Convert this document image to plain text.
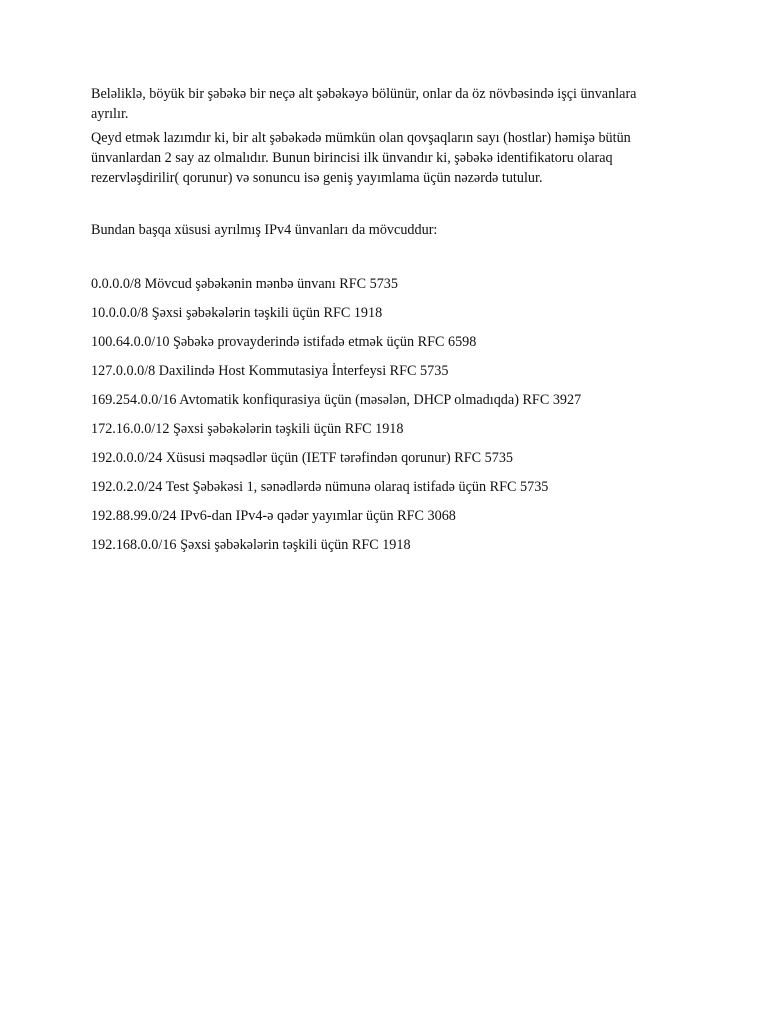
Beləliklə, böyük bir şəbəkə bir neçə alt şəbəkəyə bölünür, onlar da öz növbəsində işçi ünvanlara ayrılır.

Qeyd etmək lazımdır ki, bir alt şəbəkədə mümkün olan qovşaqların sayı (hostlar) həmişə bütün ünvanlardan 2 say az olmalıdır. Bunun birincisi ilk ünvandır ki, şəbəkə identifikatoru olaraq rezervləşdirilir( qorunur) və sonuncu isə geniş yayımlama üçün nəzərdə tutulur.

Bundan başqa xüsusi ayrılmış IPv4 ünvanları da mövcuddur:

0.0.0.0/8 Mövcud şəbəkənin mənbə ünvanı RFC 5735
10.0.0.0/8 Şəxsi şəbəkələrin təşkili üçün RFC 1918
100.64.0.0/10 Şəbəkə provayderində istifadə etmək üçün RFC 6598
127.0.0.0/8 Daxilində Host Kommutasiya İnterfeysi RFC 5735
169.254.0.0/16 Avtomatik konfiqurasiya üçün (məsələn, DHCP olmadıqda) RFC 3927
172.16.0.0/12 Şəxsi şəbəkələrin təşkili üçün RFC 1918
192.0.0.0/24 Xüsusi məqsədlər üçün (IETF tərəfindən qorunur) RFC 5735
192.0.2.0/24 Test Şəbəkəsi 1, sənədlərdə nümunə olaraq istifadə üçün RFC 5735
192.88.99.0/24 IPv6-dan IPv4-ə qədər yayımlar üçün RFC 3068
192.168.0.0/16 Şəxsi şəbəkələrin təşkili üçün RFC 1918
